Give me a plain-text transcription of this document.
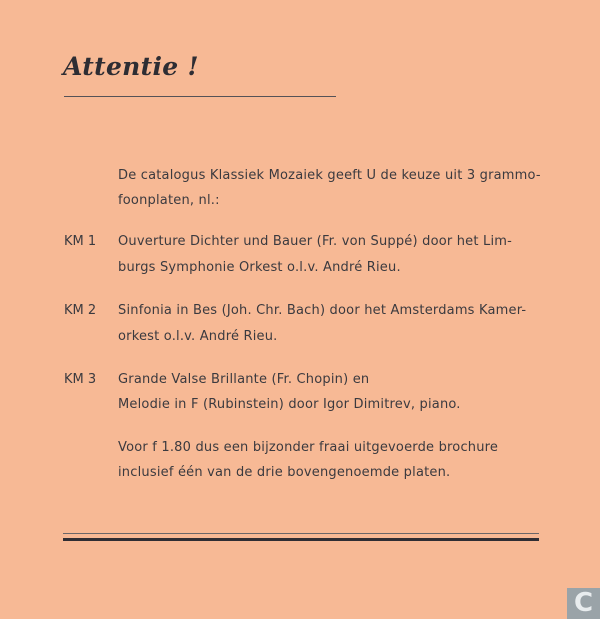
Attentie !
De catalogus Klassiek Mozaiek geeft U de keuze uit 3 grammo-
foonplaten, nl.:
KM 1 Ouverture Dichter und Bauer (Fr. von Suppé) door het Lim-
burgs Symphonie Orkest o.l.v. André Rieu.
KM 2 Sinfonia in Bes (Joh. Chr. Bach) door het Amsterdams Kamer-
orkest o.l.v. André Rieu.
KM 3 Grande Valse Brillante (Fr. Chopin) en
Melodie in F (Rubinstein) door Igor Dimitrev, piano.
Voor f 1.80 dus een bijzonder fraai uitgevoerde brochure
inclusief één van de drie bovengenoemde platen.
C
